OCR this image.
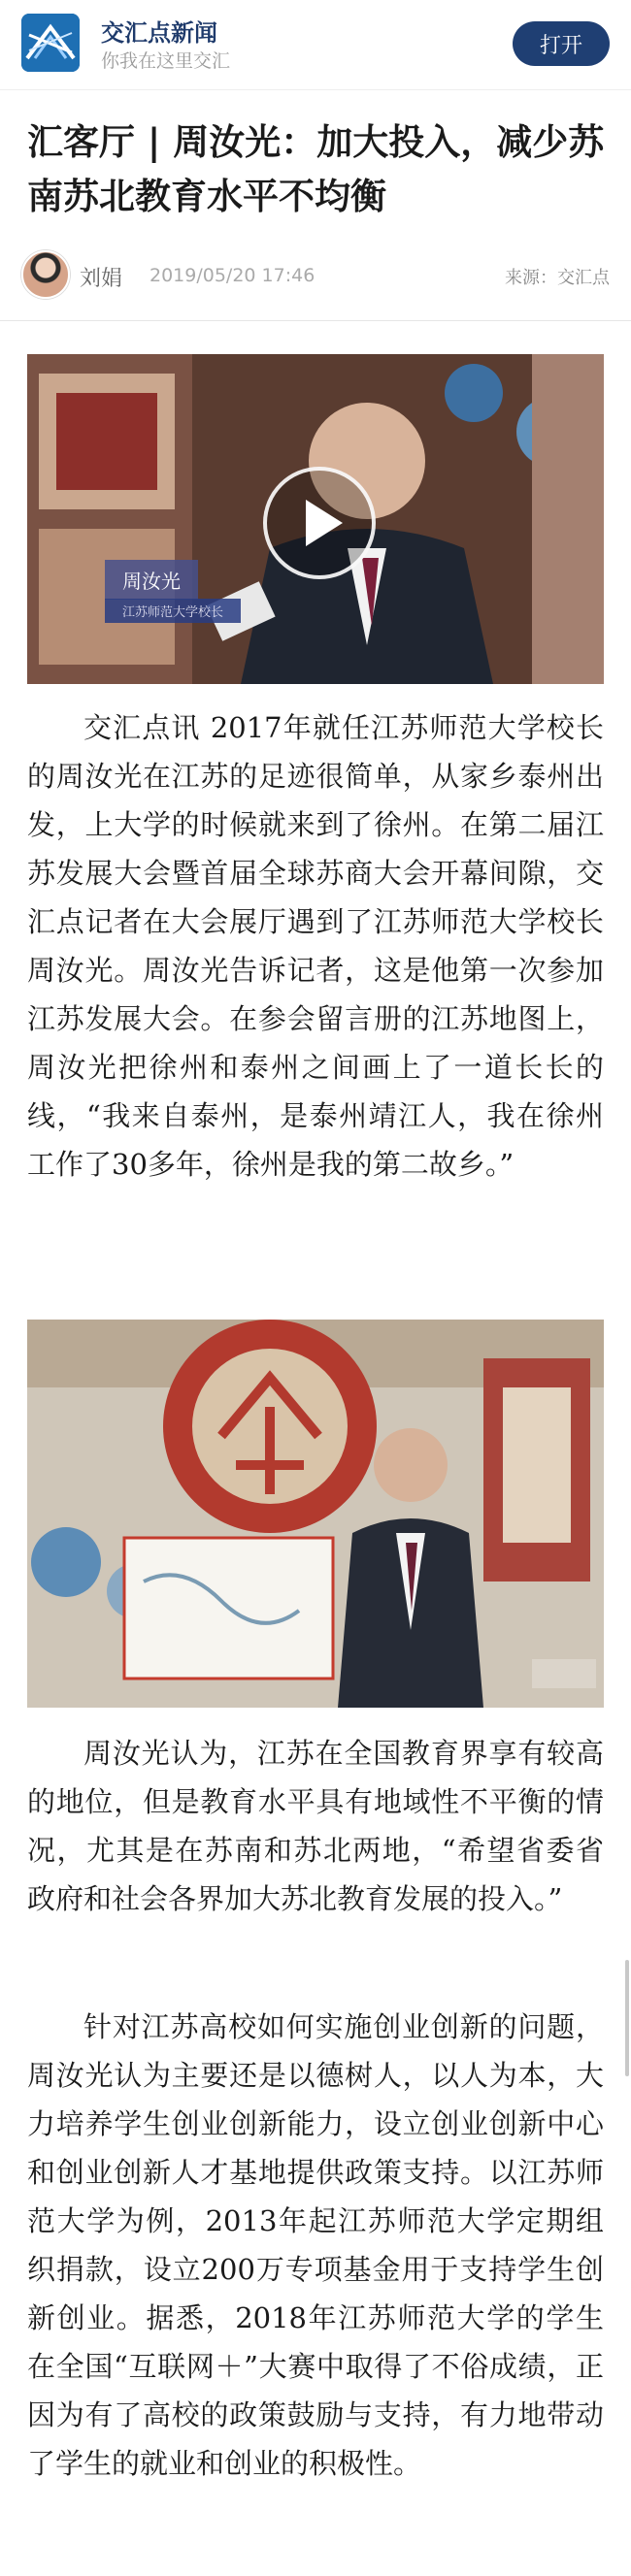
交汇点新闻
你我在这里交汇
打开
汇客厅 | 周汝光：加大投入，减少苏南苏北教育水平不均衡
刘娟 2019/05/20 17:46	来源：交汇点
周汝光
江苏师范大学校长

交汇点讯 2017年就任江苏师范大学校长的周汝光在江苏的足迹很简单，从家乡泰州出发，上大学的时候就来到了徐州。在第二届江苏发展大会暨首届全球苏商大会开幕间隙，交汇点记者在大会展厅遇到了江苏师范大学校长周汝光。周汝光告诉记者，这是他第一次参加江苏发展大会。在参会留言册的江苏地图上，周汝光把徐州和泰州之间画上了一道长长的线，“我来自泰州，是泰州靖江人，我在徐州工作了30多年，徐州是我的第二故乡。”

周汝光认为，江苏在全国教育界享有较高的地位，但是教育水平具有地域性不平衡的情况，尤其是在苏南和苏北两地，“希望省委省政府和社会各界加大苏北教育发展的投入。”

针对江苏高校如何实施创业创新的问题，周汝光认为主要还是以德树人，以人为本，大力培养学生创业创新能力，设立创业创新中心和创业创新人才基地提供政策支持。以江苏师范大学为例，2013年起江苏师范大学定期组织捐款，设立200万专项基金用于支持学生创新创业。据悉，2018年江苏师范大学的学生在全国“互联网＋”大赛中取得了不俗成绩，正因为有了高校的政策鼓励与支持，有力地带动了学生的就业和创业的积极性。
